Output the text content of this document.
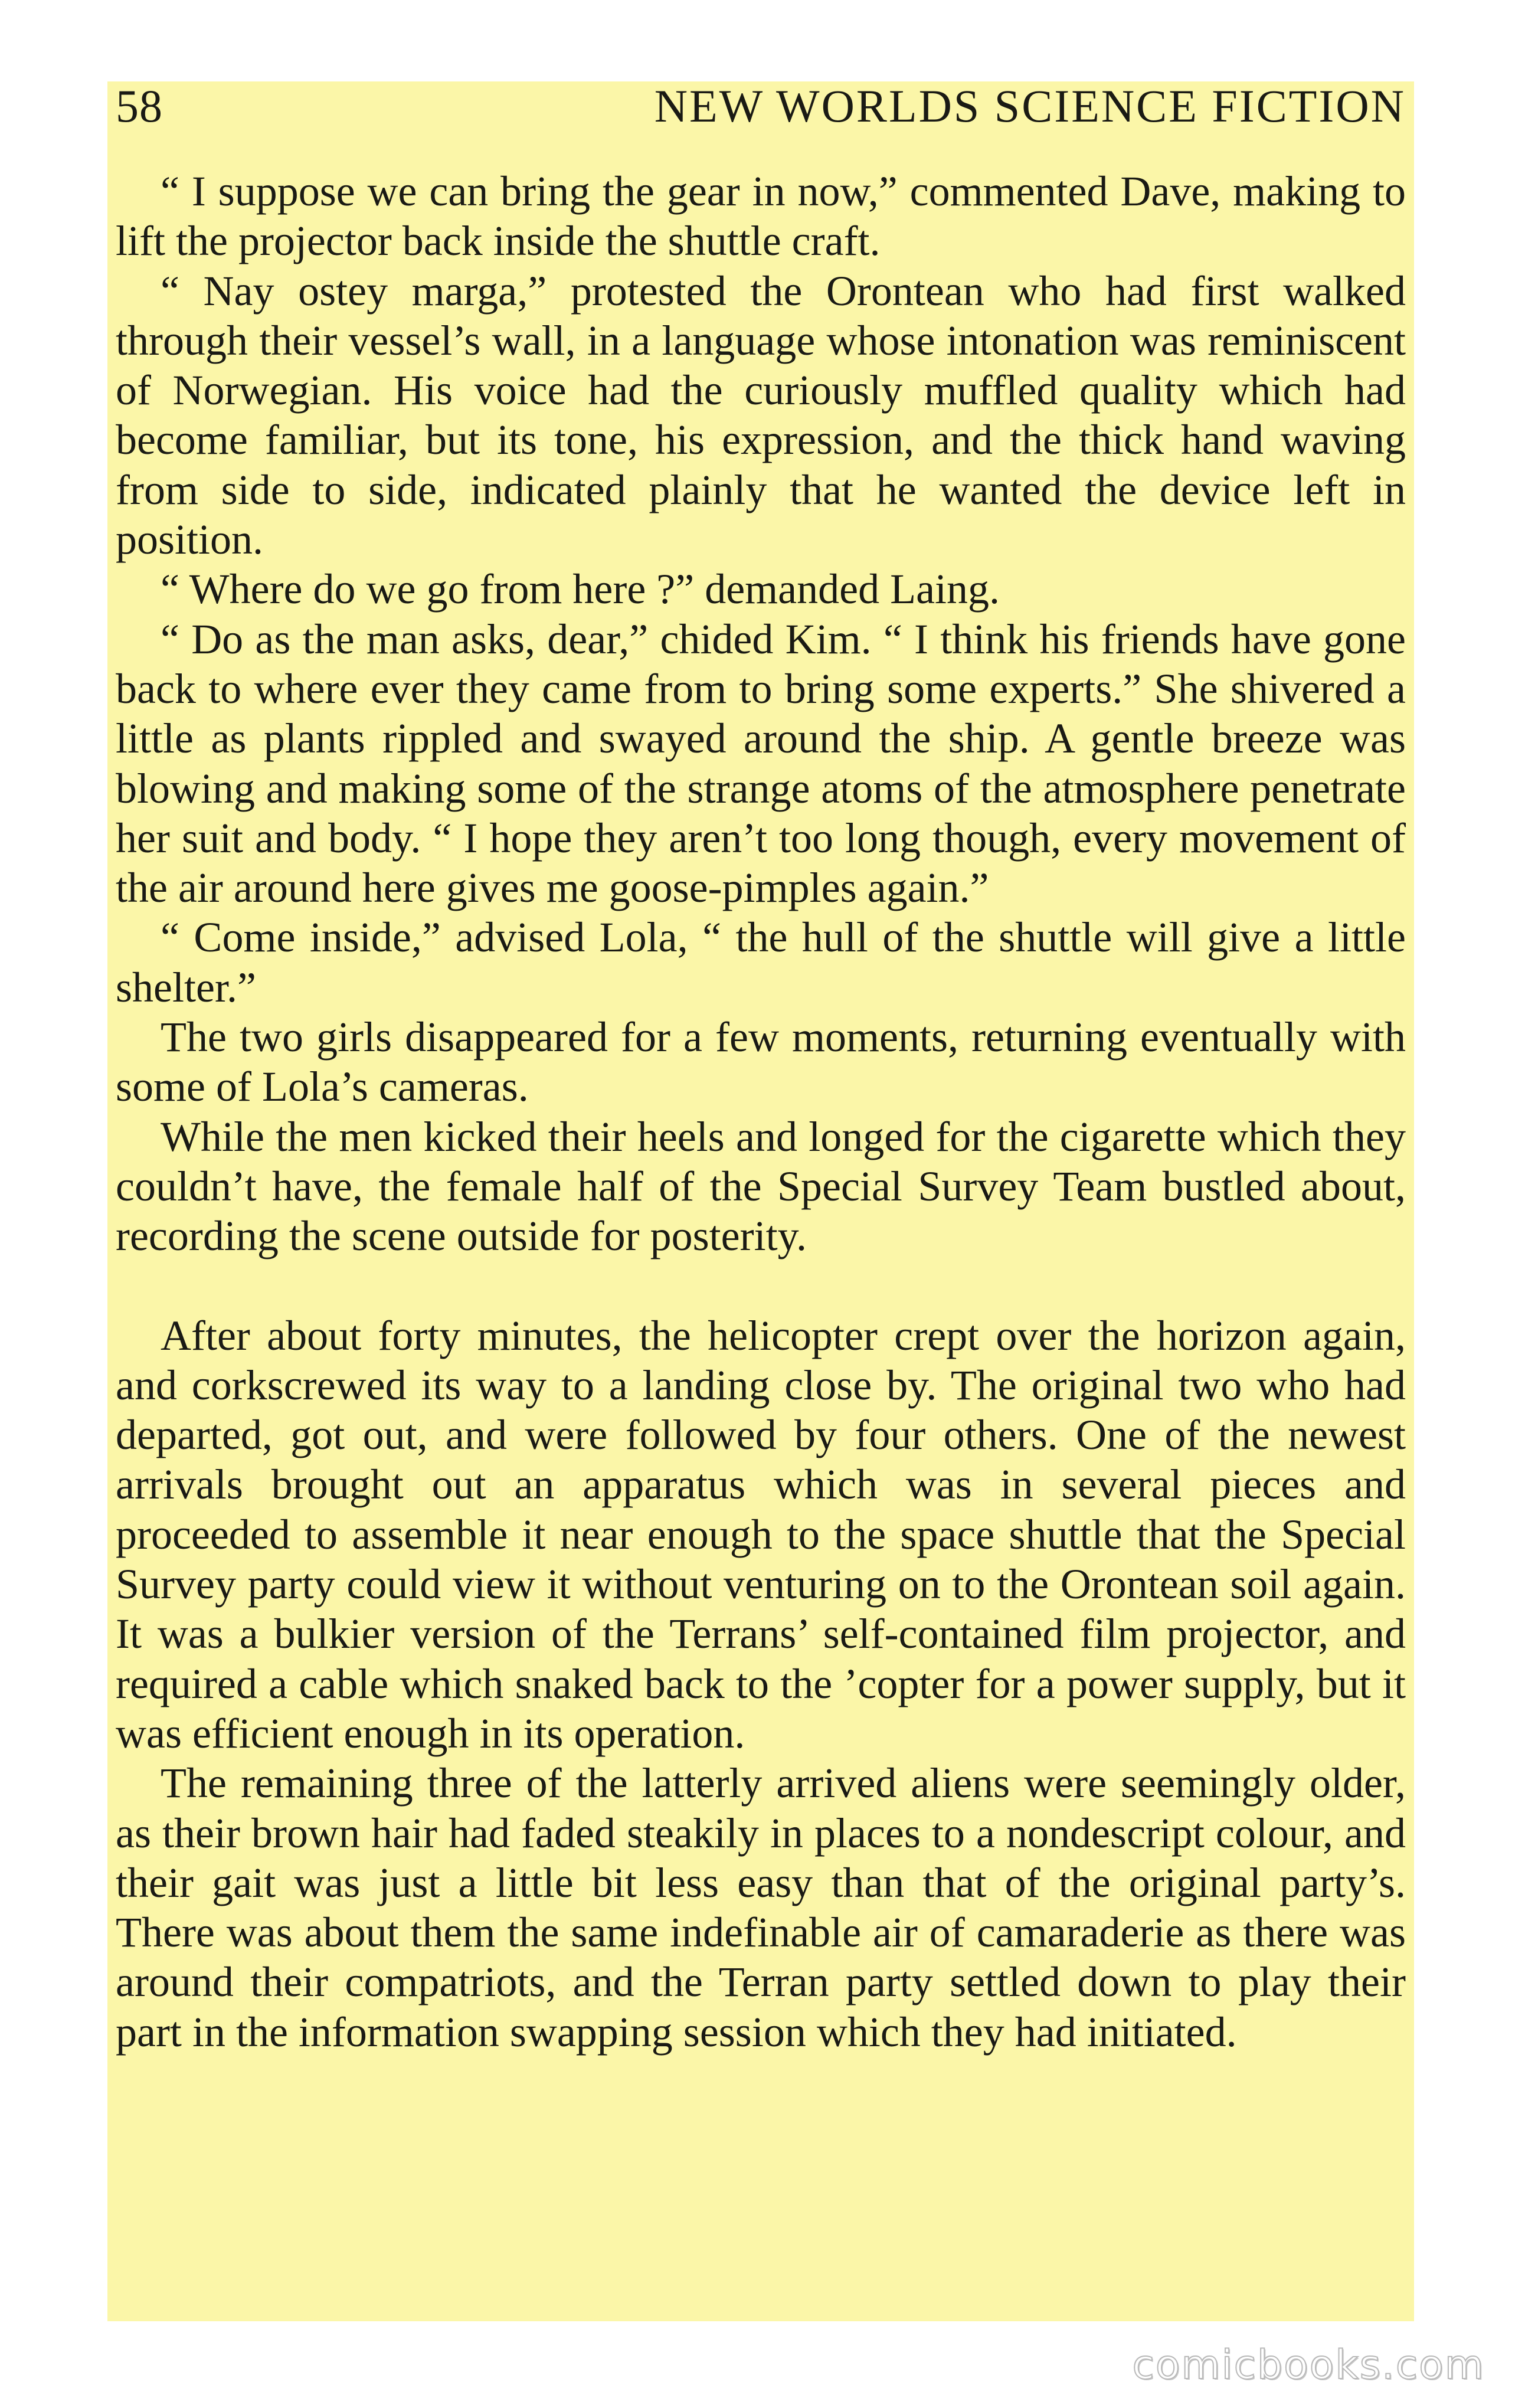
58	NEW WORLDS SCIENCE FICTION

“ I suppose we can bring the gear in now,” commented Dave, making to lift the projector back inside the shuttle craft.

“ Nay ostey marga,” protested the Orontean who had first walked through their vessel’s wall, in a language whose intonation was reminiscent of Norwegian. His voice had the curiously muffled quality which had become familiar, but its tone, his expression, and the thick hand waving from side to side, indicated plainly that he wanted the device left in position.

“ Where do we go from here ?” demanded Laing.

“ Do as the man asks, dear,” chided Kim. “ I think his friends have gone back to where ever they came from to bring some experts.” She shivered a little as plants rippled and swayed around the ship. A gentle breeze was blowing and making some of the strange atoms of the atmosphere penetrate her suit and body. “ I hope they aren’t too long though, every movement of the air around here gives me goose-pimples again.”

“ Come inside,” advised Lola, “ the hull of the shuttle will give a little shelter.”

The two girls disappeared for a few moments, returning eventually with some of Lola’s cameras.

While the men kicked their heels and longed for the cigarette which they couldn’t have, the female half of the Special Survey Team bustled about, recording the scene outside for posterity.

After about forty minutes, the helicopter crept over the horizon again, and corkscrewed its way to a landing close by. The original two who had departed, got out, and were followed by four others. One of the newest arrivals brought out an apparatus which was in several pieces and proceeded to assemble it near enough to the space shuttle that the Special Survey party could view it without venturing on to the Orontean soil again. It was a bulkier version of the Terrans’ self-contained film projector, and required a cable which snaked back to the ’copter for a power supply, but it was efficient enough in its operation.

The remaining three of the latterly arrived aliens were seemingly older, as their brown hair had faded steakily in places to a nondescript colour, and their gait was just a little bit less easy than that of the original party’s. There was about them the same indefinable air of camaraderie as there was around their compatriots, and the Terran party settled down to play their part in the information swapping session which they had initiated.

comicbooks.com
